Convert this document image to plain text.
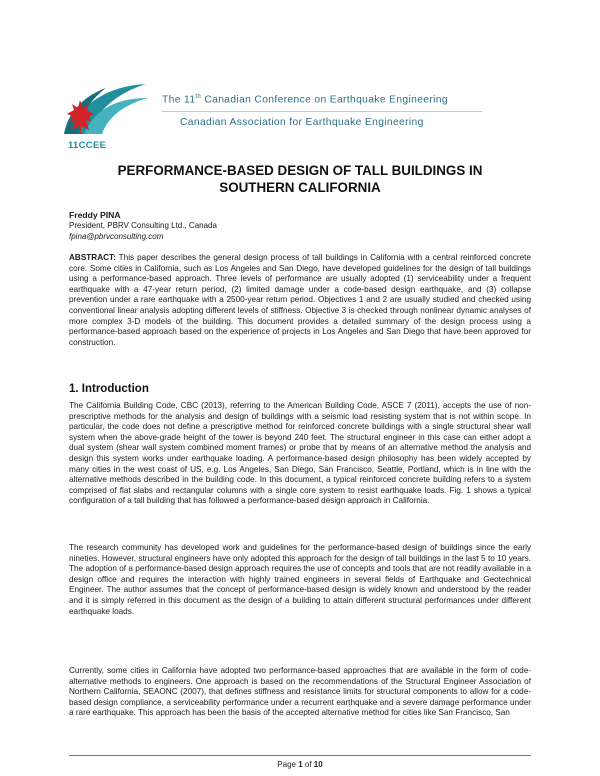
11CCEE
The 11th Canadian Conference on Earthquake Engineering
Canadian Association for Earthquake Engineering
PERFORMANCE-BASED DESIGN OF TALL BUILDINGS IN
SOUTHERN CALIFORNIA
Freddy PINA
President, PBRV Consulting Ltd., Canada
fpina@pbrvconsulting.com
ABSTRACT: This paper describes the general design process of tall buildings in California with a central reinforced concrete core. Some cities in California, such as Los Angeles and San Diego, have developed guidelines for the design of tall buildings using a performance-based approach. Three levels of performance are usually adopted (1) serviceability under a frequent earthquake with a 47-year return period, (2) limited damage under a code-based design earthquake, and (3) collapse prevention under a rare earthquake with a 2500-year return period. Objectives 1 and 2 are usually studied and checked using conventional linear analysis adopting different levels of stiffness. Objective 3 is checked through nonlinear dynamic analyses of more complex 3-D models of the building. This document provides a detailed summary of the design process using a performance-based approach based on the experience of projects in Los Angeles and San Diego that have been approved for construction.
1. Introduction
The California Building Code, CBC (2013), referring to the American Building Code, ASCE 7 (2011), accepts the use of non-prescriptive methods for the analysis and design of buildings with a seismic load resisting system that is not within scope. In particular, the code does not define a prescriptive method for reinforced concrete buildings with a single structural shear wall system when the above-grade height of the tower is beyond 240 feet. The structural engineer in this case can either adopt a dual system (shear wall system combined moment frames) or probe that by means of an alternative method the analysis and design this system works under earthquake loading. A performance-based design philosophy has been widely accepted by many cities in the west coast of US, e.g. Los Angeles, San Diego, San Francisco, Seattle, Portland, which is in line with the alternative methods described in the building code. In this document, a typical reinforced concrete building refers to a system comprised of flat slabs and rectangular columns with a single core system to resist earthquake loads. Fig. 1 shows a typical configuration of a tall building that has followed a performance-based design approach in California.
The research community has developed work and guidelines for the performance-based design of buildings since the early nineties. However, structural engineers have only adopted this approach for the design of tall buildings in the last 5 to 10 years. The adoption of a performance-based design approach requires the use of concepts and tools that are not readily available in a design office and requires the interaction with highly trained engineers in several fields of Earthquake and Geotechnical Engineer. The author assumes that the concept of performance-based design is widely known and understood by the reader and it is simply referred in this document as the design of a building to attain different structural performances under different earthquake loads.
Currently, some cities in California have adopted two performance-based approaches that are available in the form of code-alternative methods to engineers. One approach is based on the recommendations of the Structural Engineer Association of Northern California, SEAONC (2007), that defines stiffness and resistance limits for structural components to allow for a code-based design compliance, a serviceability performance under a recurrent earthquake and a severe damage performance under a rare earthquake. This approach has been the basis of the accepted alternative method for cities like San Francisco, San
Page 1 of 10
